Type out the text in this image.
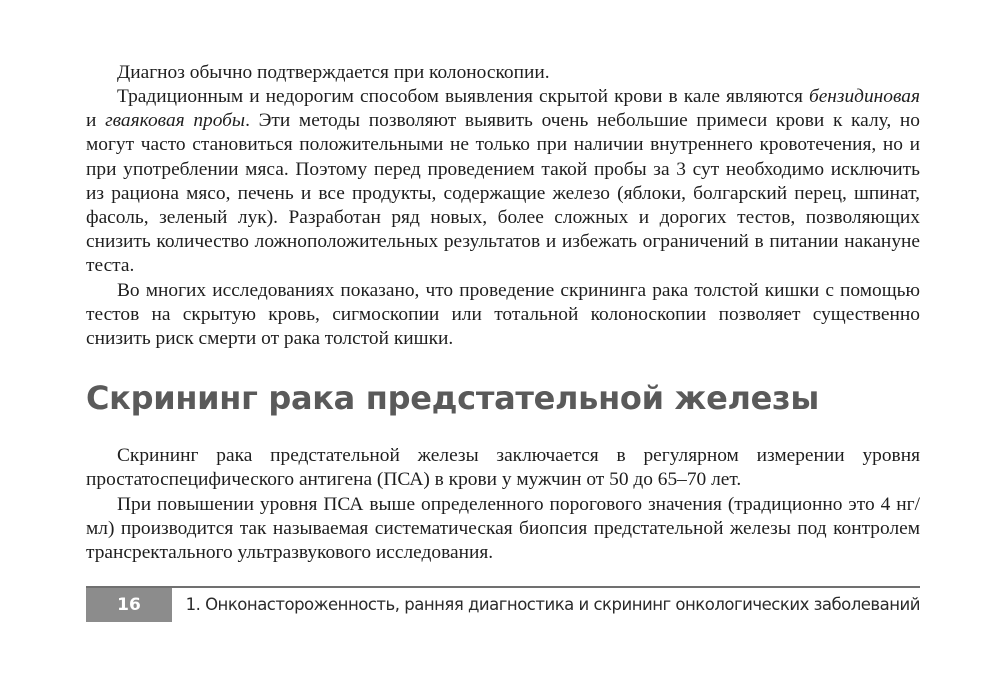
Диагноз обычно подтверждается при колоноскопии.

Традиционным и недорогим способом выявления скрытой крови в кале являются бензидиновая и гваяковая пробы. Эти методы позволяют выявить очень небольшие примеси крови к калу, но могут часто становиться положительными не только при наличии внутреннего кровотечения, но и при употреблении мяса. Поэтому перед проведением такой пробы за 3 сут необходимо исключить из рациона мясо, печень и все продукты, содержащие железо (яблоки, болгарский перец, шпинат, фасоль, зеленый лук). Разработан ряд новых, более сложных и дорогих тестов, позволяющих снизить количество ложноположительных результатов и избежать ограничений в питании накануне теста.

Во многих исследованиях показано, что проведение скрининга рака толстой кишки с помощью тестов на скрытую кровь, сигмоскопии или тотальной колоноскопии позволяет существенно снизить риск смерти от рака толстой кишки.

Скрининг рака предстательной железы

Скрининг рака предстательной железы заключается в регулярном измерении уровня простатоспецифического антигена (ПСА) в крови у мужчин от 50 до 65–70 лет.

При повышении уровня ПСА выше определенного порогового значения (традиционно это 4 нг/мл) производится так называемая систематическая биопсия предстательной железы под контролем трансректального ультразвукового исследования.

16	1. Онконастороженность, ранняя диагностика и скрининг онкологических заболеваний
